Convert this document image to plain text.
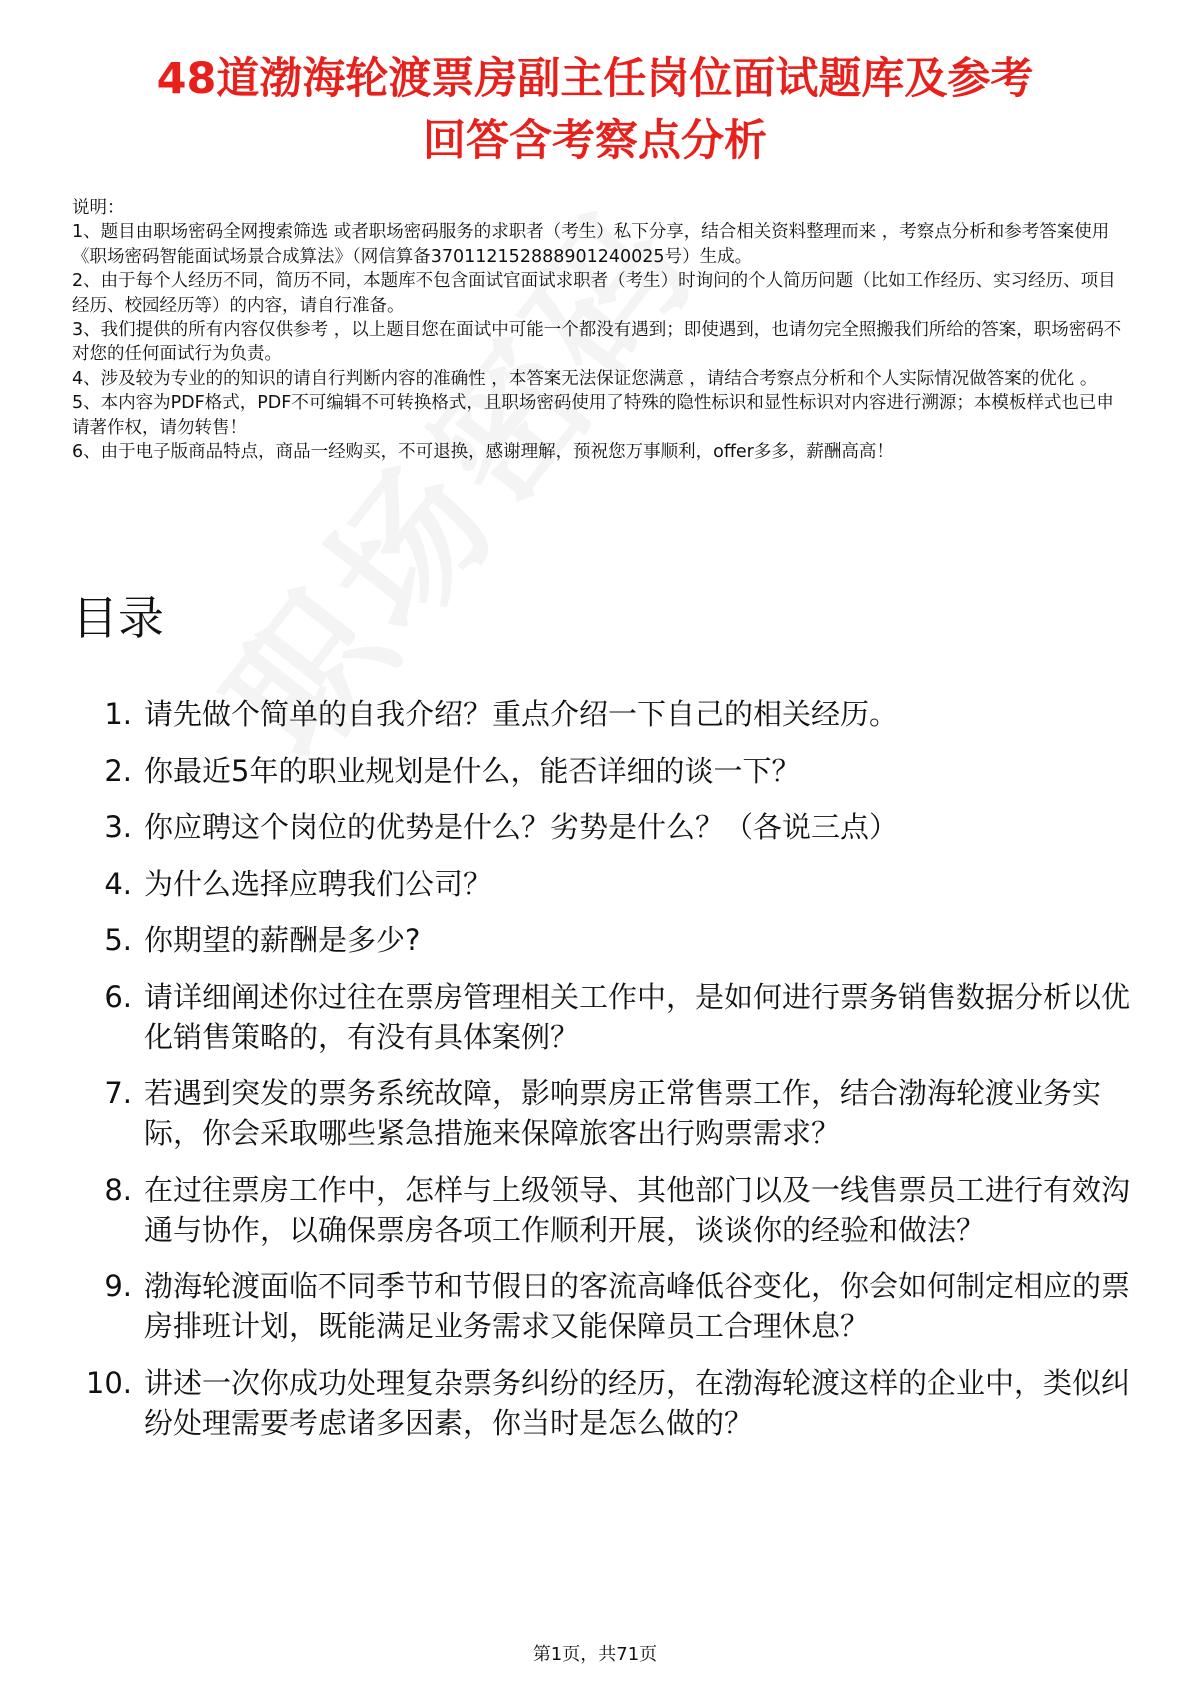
48道渤海轮渡票房副主任岗位面试题库及参考
回答含考察点分析
说明：
1、题目由职场密码全网搜索筛选 或者职场密码服务的求职者（考生）私下分享，结合相关资料整理而来 ，考察点分析和参考答案使用《职场密码智能面试场景合成算法》（网信算备370112152888901240025号）生成。
2、由于每个人经历不同，简历不同，本题库不包含面试官面试求职者（考生）时询问的个人简历问题（比如工作经历、实习经历、项目经历、校园经历等）的内容，请自行准备。
3、我们提供的所有内容仅供参考 ，以上题目您在面试中可能一个都没有遇到；即使遇到，也请勿完全照搬我们所给的答案，职场密码不对您的任何面试行为负责。
4、涉及较为专业的的知识的请自行判断内容的准确性 ，本答案无法保证您满意 ，请结合考察点分析和个人实际情况做答案的优化 。
5、本内容为PDF格式，PDF不可编辑不可转换格式，且职场密码使用了特殊的隐性标识和显性标识对内容进行溯源；本模板样式也已申请著作权，请勿转售！
6、由于电子版商品特点，商品一经购买，不可退换，感谢理解，预祝您万事顺利，offer多多，薪酬高高！
目录
1. 请先做个简单的自我介绍？重点介绍一下自己的相关经历。
2. 你最近5年的职业规划是什么，能否详细的谈一下？
3. 你应聘这个岗位的优势是什么？劣势是什么？（各说三点）
4. 为什么选择应聘我们公司？
5. 你期望的薪酬是多少?
6. 请详细阐述你过往在票房管理相关工作中，是如何进行票务销售数据分析以优化销售策略的，有没有具体案例？
7. 若遇到突发的票务系统故障，影响票房正常售票工作，结合渤海轮渡业务实际，你会采取哪些紧急措施来保障旅客出行购票需求？
8. 在过往票房工作中，怎样与上级领导、其他部门以及一线售票员工进行有效沟通与协作，以确保票房各项工作顺利开展，谈谈你的经验和做法？
9. 渤海轮渡面临不同季节和节假日的客流高峰低谷变化，你会如何制定相应的票房排班计划，既能满足业务需求又能保障员工合理休息？
10. 讲述一次你成功处理复杂票务纠纷的经历，在渤海轮渡这样的企业中，类似纠纷处理需要考虑诸多因素，你当时是怎么做的？
第1页，共71页
